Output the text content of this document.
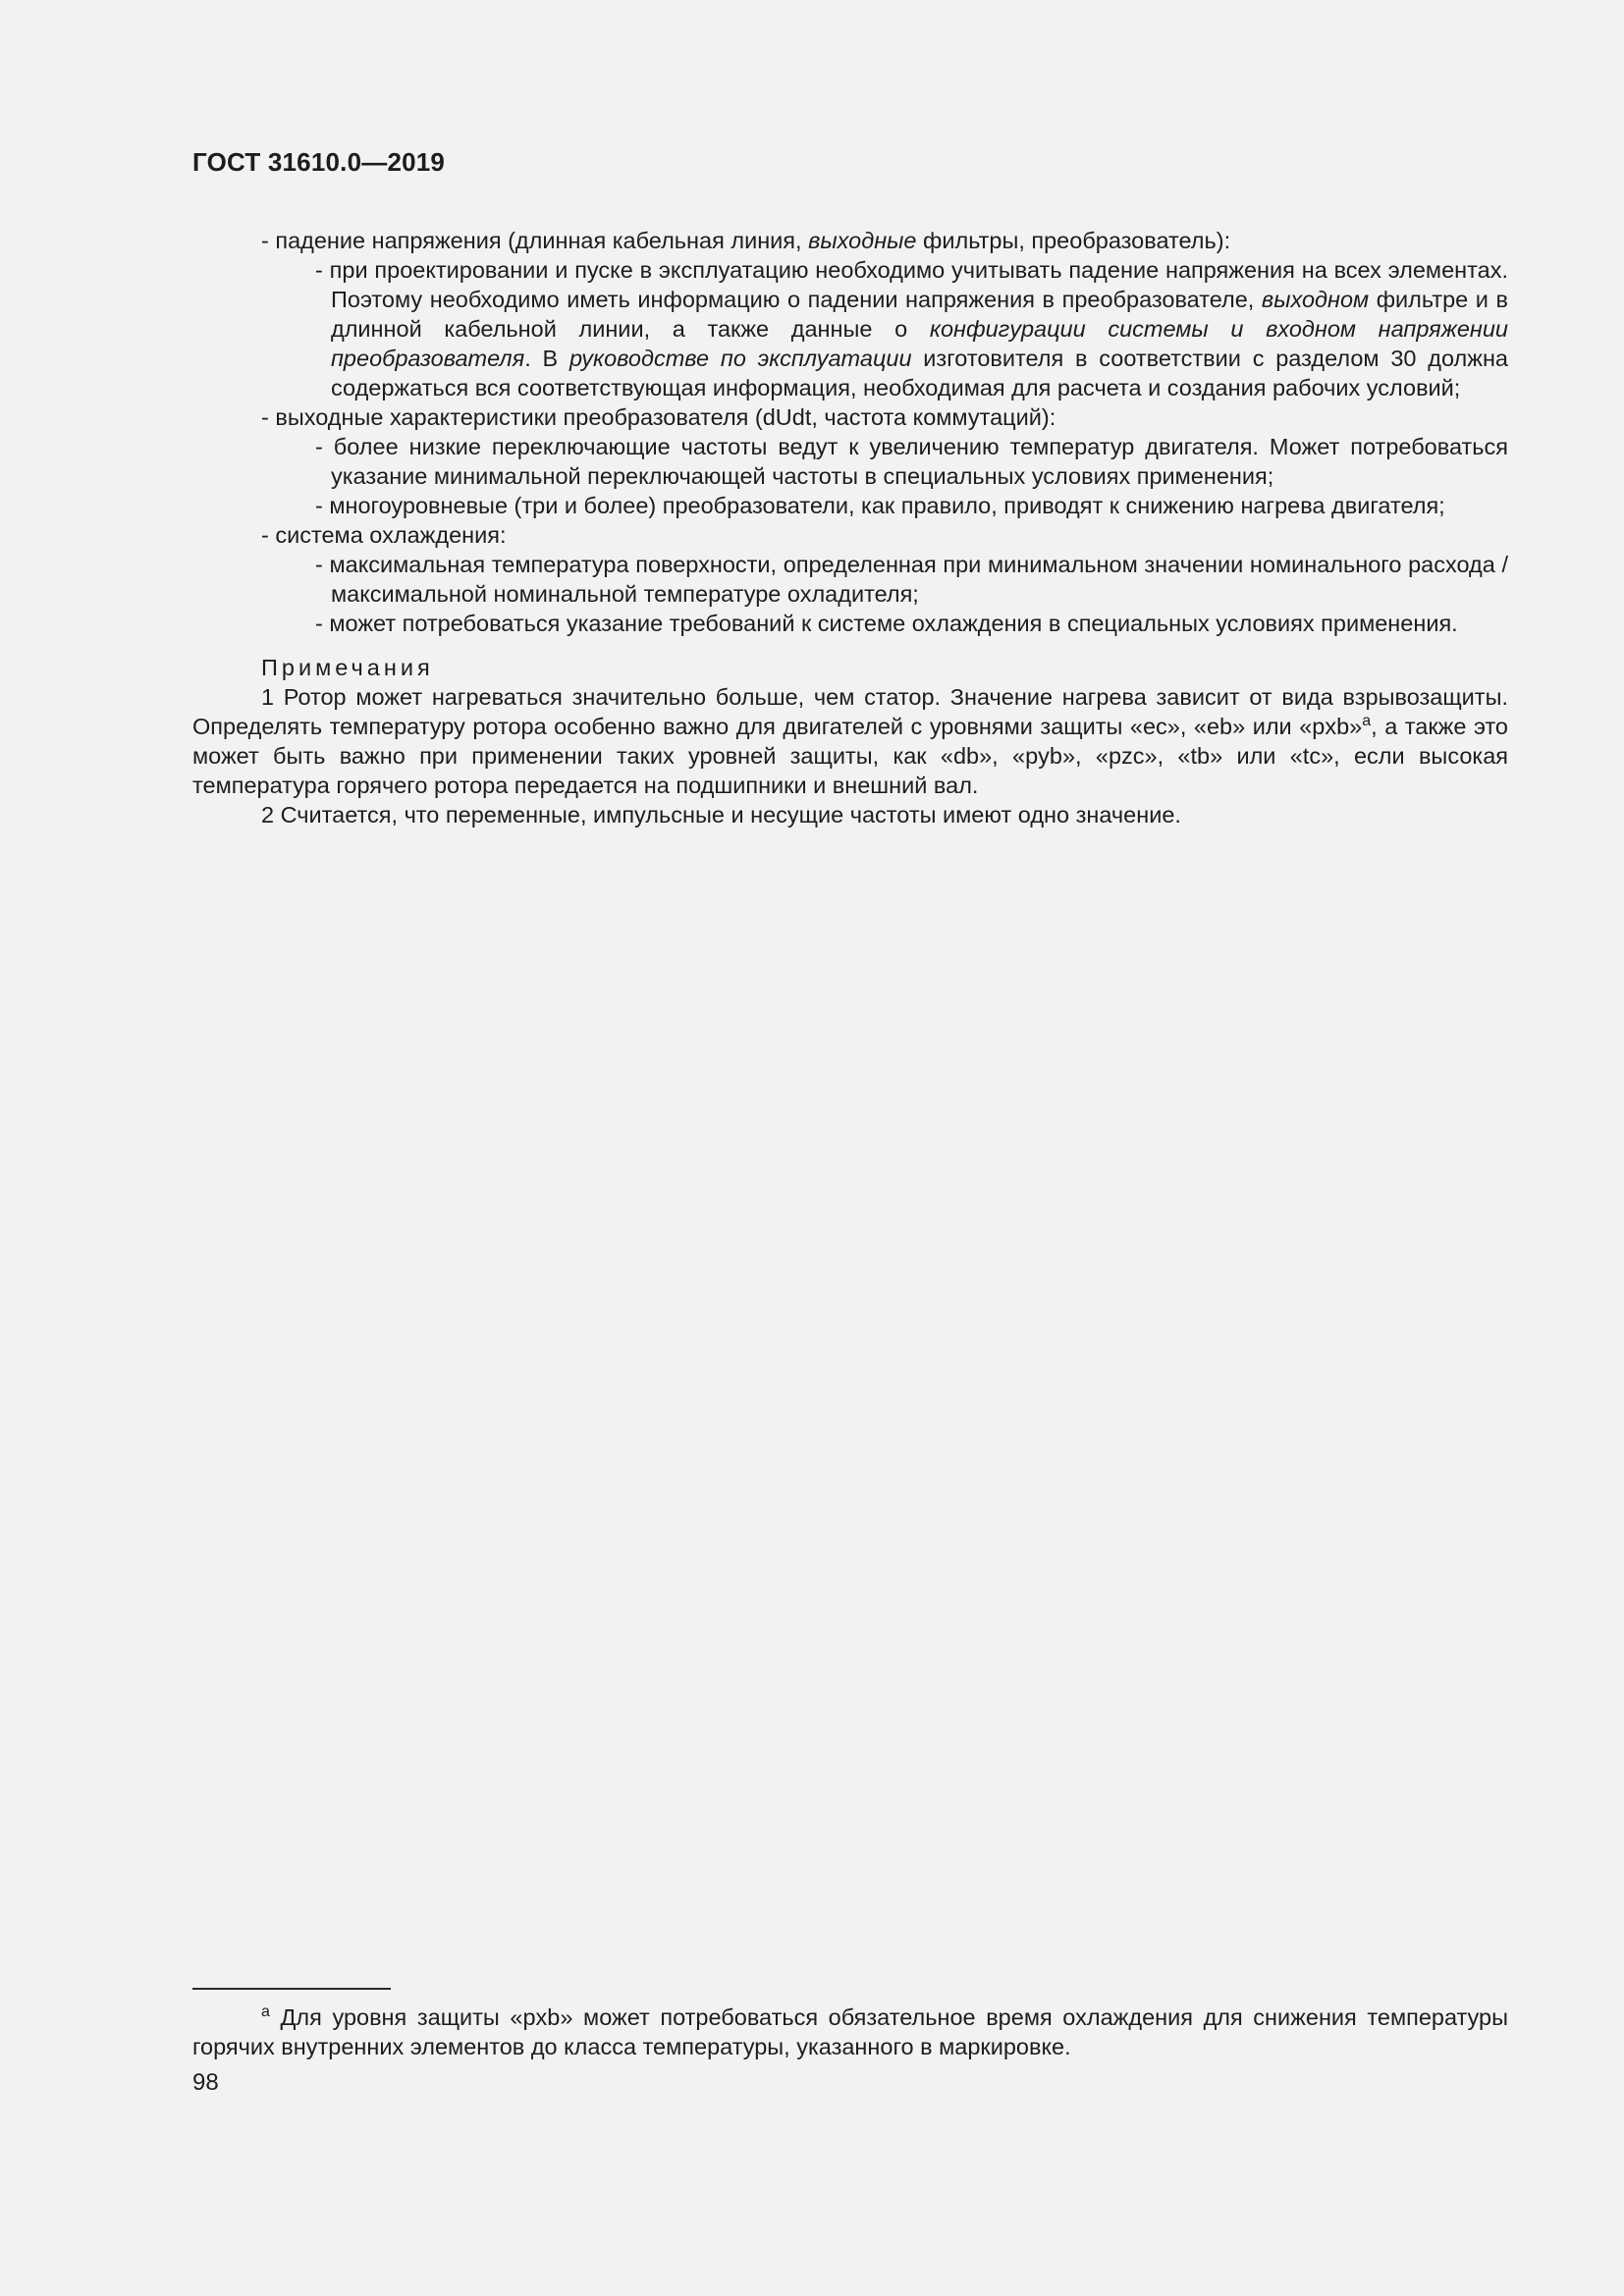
ГОСТ 31610.0—2019

- падение напряжения (длинная кабельная линия, выходные фильтры, преобразователь):

- при проектировании и пуске в эксплуатацию необходимо учитывать падение напряжения на всех элементах. Поэтому необходимо иметь информацию о падении напряжения в преобразователе, выходном фильтре и в длинной кабельной линии, а также данные о конфигурации системы и входном напряжении преобразователя. В руководстве по эксплуатации изготовителя в соответствии с разделом 30 должна содержаться вся соответствующая информация, необходимая для расчета и создания рабочих условий;

- выходные характеристики преобразователя (dUdt, частота коммутаций):

- более низкие переключающие частоты ведут к увеличению температур двигателя. Может потребоваться указание минимальной переключающей частоты в специальных условиях применения;

- многоуровневые (три и более) преобразователи, как правило, приводят к снижению нагрева двигателя;

- система охлаждения:

- максимальная температура поверхности, определенная при минимальном значении номинального расхода /максимальной номинальной температуре охладителя;

- может потребоваться указание требований к системе охлаждения в специальных условиях применения.

Примечания

1 Ротор может нагреваться значительно больше, чем статор. Значение нагрева зависит от вида взрывозащиты. Определять температуру ротора особенно важно для двигателей с уровнями защиты «ec», «eb» или «pxb»$^a$, а также это может быть важно при применении таких уровней защиты, как «db», «pyb», «pzc», «tb» или «tc», если высокая температура горячего ротора передается на подшипники и внешний вал.

2 Считается, что переменные, импульсные и несущие частоты имеют одно значение.

$^a$ Для уровня защиты «pxb» может потребоваться обязательное время охлаждения для снижения температуры горячих внутренних элементов до класса температуры, указанного в маркировке.
98
